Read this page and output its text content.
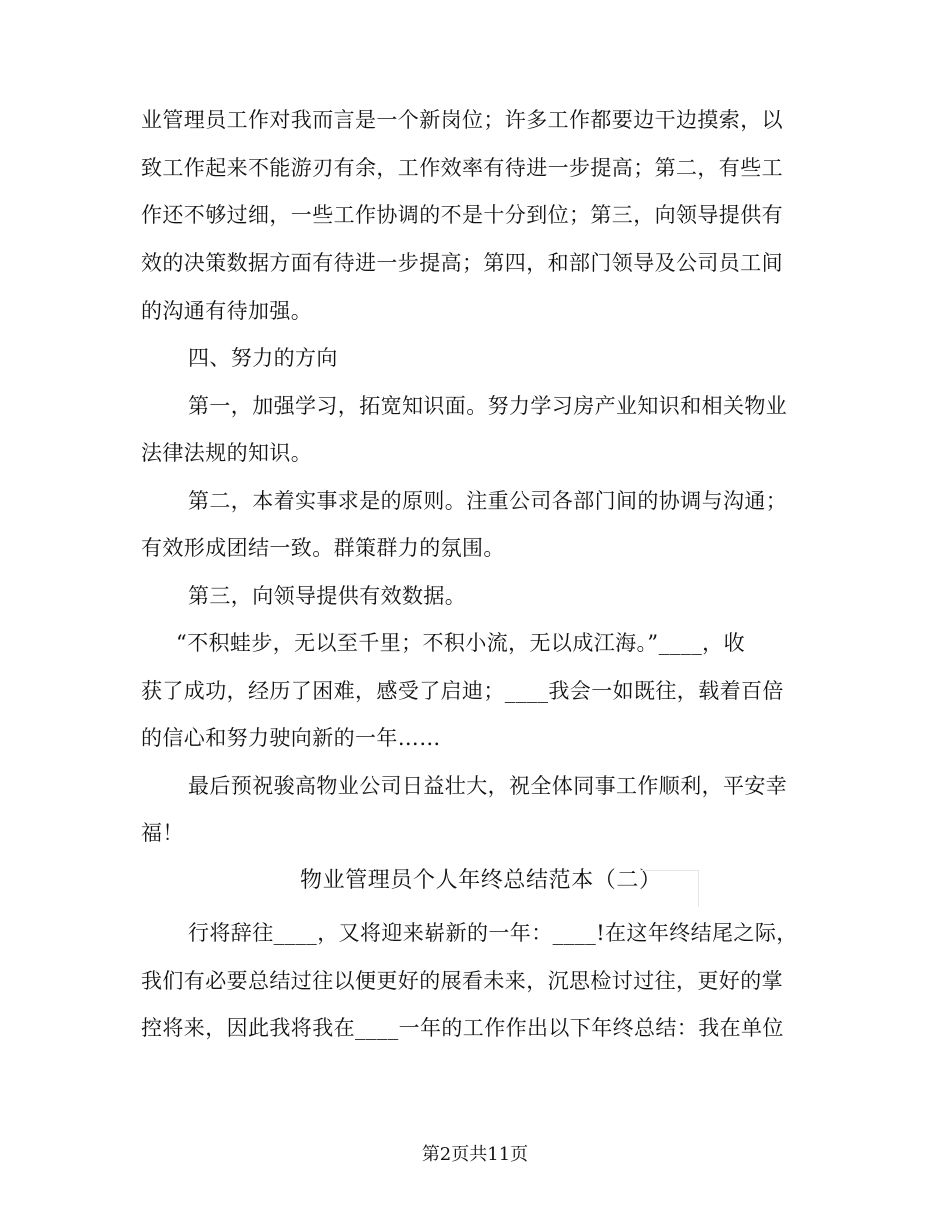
业管理员工作对我而言是一个新岗位；许多工作都要边干边摸索，以
致工作起来不能游刃有余，工作效率有待进一步提高；第二，有些工
作还不够过细，一些工作协调的不是十分到位；第三，向领导提供有
效的决策数据方面有待进一步提高；第四，和部门领导及公司员工间
的沟通有待加强。
四、努力的方向
第一，加强学习，拓宽知识面。努力学习房产业知识和相关物业
法律法规的知识。
第二，本着实事求是的原则。注重公司各部门间的协调与沟通；
有效形成团结一致。群策群力的氛围。
第三，向领导提供有效数据。
“不积蛙步，无以至千里；不积小流，无以成江海。”____，收
获了成功，经历了困难，感受了启迪；____我会一如既往，载着百倍
的信心和努力驶向新的一年……
最后预祝骏高物业公司日益壮大，祝全体同事工作顺利，平安幸
福！
物业管理员个人年终总结范本（二）
行将辞往____，又将迎来崭新的一年：____!在这年终结尾之际，
我们有必要总结过往以便更好的展看未来，沉思检讨过往，更好的掌
控将来，因此我将我在____一年的工作作出以下年终总结：我在单位
第2页共11页
